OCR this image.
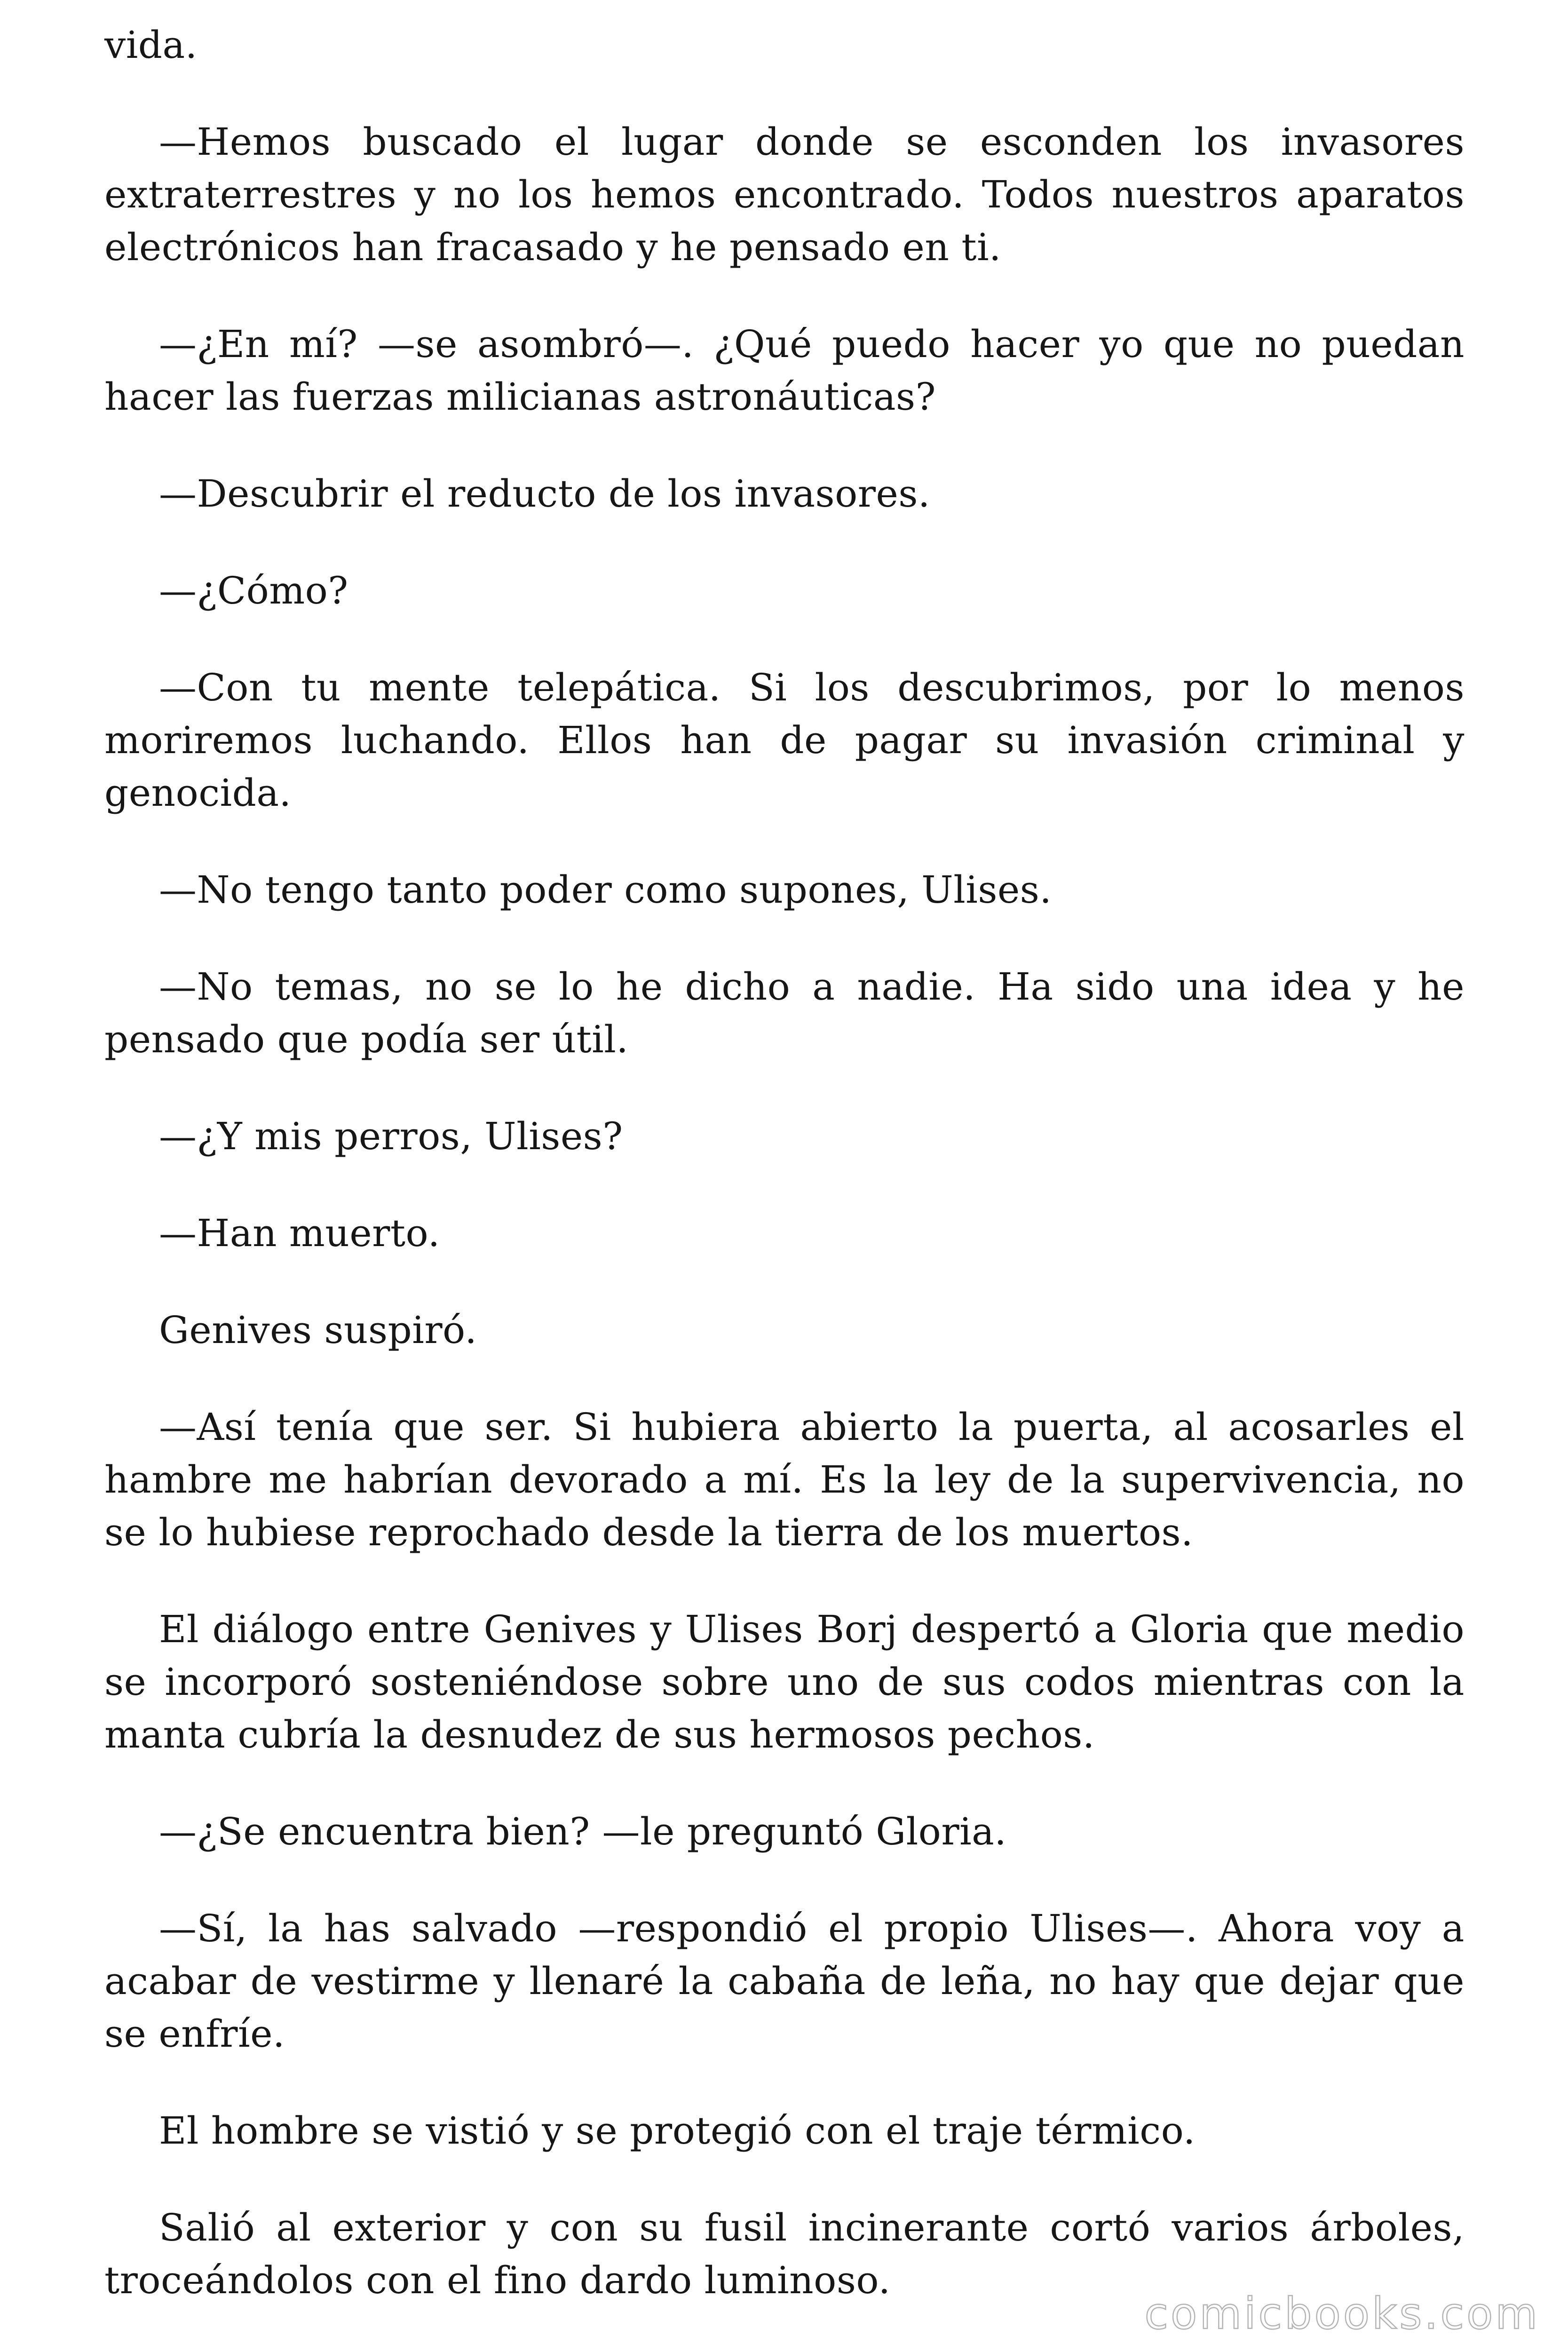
vida.

—Hemos buscado el lugar donde se esconden los invasores extraterrestres y no los hemos encontrado. Todos nuestros aparatos electrónicos han fracasado y he pensado en ti.

—¿En mí? —se asombró—. ¿Qué puedo hacer yo que no puedan hacer las fuerzas milicianas astronáuticas?

—Descubrir el reducto de los invasores.

—¿Cómo?

—Con tu mente telepática. Si los descubrimos, por lo menos moriremos luchando. Ellos han de pagar su invasión criminal y genocida.

—No tengo tanto poder como supones, Ulises.

—No temas, no se lo he dicho a nadie. Ha sido una idea y he pensado que podía ser útil.

—¿Y mis perros, Ulises?

—Han muerto.

Genives suspiró.

—Así tenía que ser. Si hubiera abierto la puerta, al acosarles el hambre me habrían devorado a mí. Es la ley de la supervivencia, no se lo hubiese reprochado desde la tierra de los muertos.

El diálogo entre Genives y Ulises Borj despertó a Gloria que medio se incorporó sosteniéndose sobre uno de sus codos mientras con la manta cubría la desnudez de sus hermosos pechos.

—¿Se encuentra bien? —le preguntó Gloria.

—Sí, la has salvado —respondió el propio Ulises—. Ahora voy a acabar de vestirme y llenaré la cabaña de leña, no hay que dejar que se enfríe.

El hombre se vistió y se protegió con el traje térmico.

Salió al exterior y con su fusil incinerante cortó varios árboles, troceándolos con el fino dardo luminoso.

comicbooks.com
